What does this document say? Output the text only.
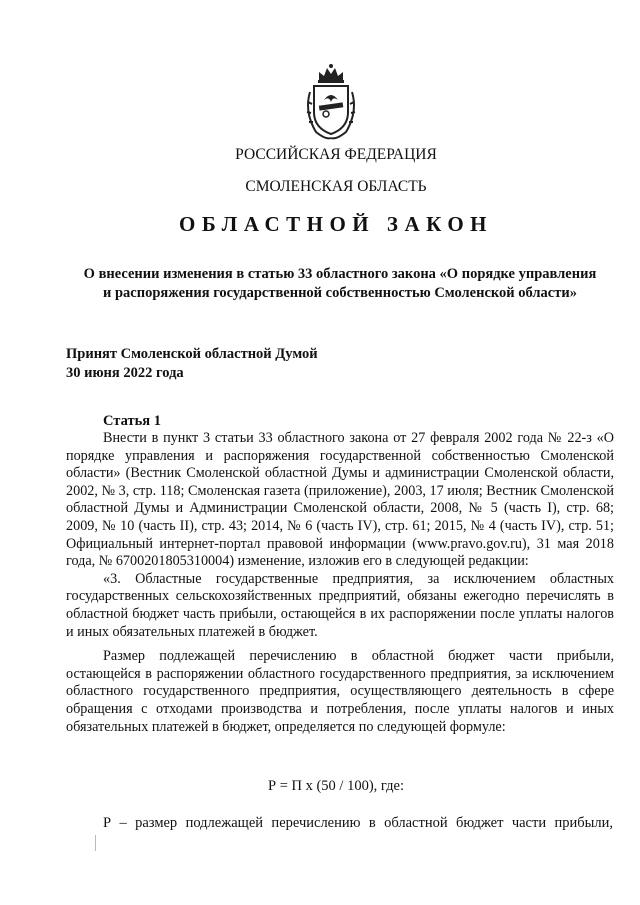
РОССИЙСКАЯ ФЕДЕРАЦИЯ
СМОЛЕНСКАЯ ОБЛАСТЬ
ОБЛАСТНОЙ ЗАКОН
О внесении изменения в статью 33 областного закона «О порядке управления
и распоряжения государственной собственностью Смоленской области»
Принят Смоленской областной Думой
30 июня 2022 года
Статья 1

Внести в пункт 3 статьи 33 областного закона от 27 февраля 2002 года № 22-з «О порядке управления и распоряжения государственной собственностью Смоленской области» (Вестник Смоленской областной Думы и администрации Смоленской области, 2002, № 3, стр. 118; Смоленская газета (приложение), 2003, 17 июля; Вестник Смоленской областной Думы и Администрации Смоленской области, 2008, № 5 (часть I), стр. 68; 2009, № 10 (часть II), стр. 43; 2014, № 6 (часть IV), стр. 61; 2015, № 4 (часть IV), стр. 51; Официальный интернет-портал правовой информации (www.pravo.gov.ru), 31 мая 2018 года, № 6700201805310004) изменение, изложив его в следующей редакции:

«3. Областные государственные предприятия, за исключением областных государственных сельскохозяйственных предприятий, обязаны ежегодно перечислять в областной бюджет часть прибыли, остающейся в их распоряжении после уплаты налогов и иных обязательных платежей в бюджет.

Размер подлежащей перечислению в областной бюджет части прибыли, остающейся в распоряжении областного государственного предприятия, за исключением областного государственного предприятия, осуществляющего деятельность в сфере обращения с отходами производства и потребления, после уплаты налогов и иных обязательных платежей в бюджет, определяется по следующей формуле:

Р = П х (50 / 100), где:
Р – размер подлежащей перечислению в областной бюджет части прибыли,
